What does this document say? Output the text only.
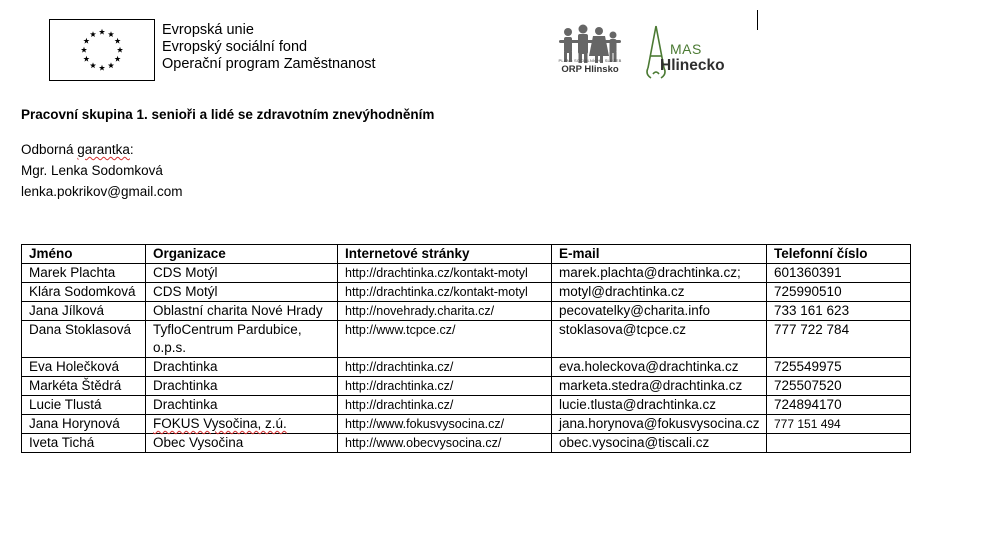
Evropská unie
Evropský sociální fond
Operační program Zaměstnanost	PLÁN • SOCIÁLNÍCH • SLUŽEB
ORP Hlinsko
MAS
Hlinecko
Pracovní skupina 1. senioři a lidé se zdravotním znevýhodněním
Odborná garantka:
Mgr. Lenka Sodomková
lenka.pokrikov@gmail.com
Jméno	Organizace	Internetové stránky	E-mail	Telefonní číslo
Marek Plachta	CDS Motýl	http://drachtinka.cz/kontakt-motyl	marek.plachta@drachtinka.cz;	601360391
Klára Sodomková	CDS Motýl	http://drachtinka.cz/kontakt-motyl	motyl@drachtinka.cz	725990510
Jana Jílková	Oblastní charita Nové Hrady	http://novehrady.charita.cz/	pecovatelky@charita.info	733 161 623
Dana Stoklasová	TyfloCentrum Pardubice, o.p.s.	http://www.tcpce.cz/	stoklasova@tcpce.cz	777 722 784
Eva Holečková	Drachtinka	http://drachtinka.cz/	eva.holeckova@drachtinka.cz	725549975
Markéta Štědrá	Drachtinka	http://drachtinka.cz/	marketa.stedra@drachtinka.cz	725507520
Lucie Tlustá	Drachtinka	http://drachtinka.cz/	lucie.tlusta@drachtinka.cz	724894170
Jana Horynová	FOKUS Vysočina, z.ú.	http://www.fokusvysocina.cz/	jana.horynova@fokusvysocina.cz	777 151 494
Iveta Tichá	Obec Vysočina	http://www.obecvysocina.cz/	obec.vysocina@tiscali.cz	
